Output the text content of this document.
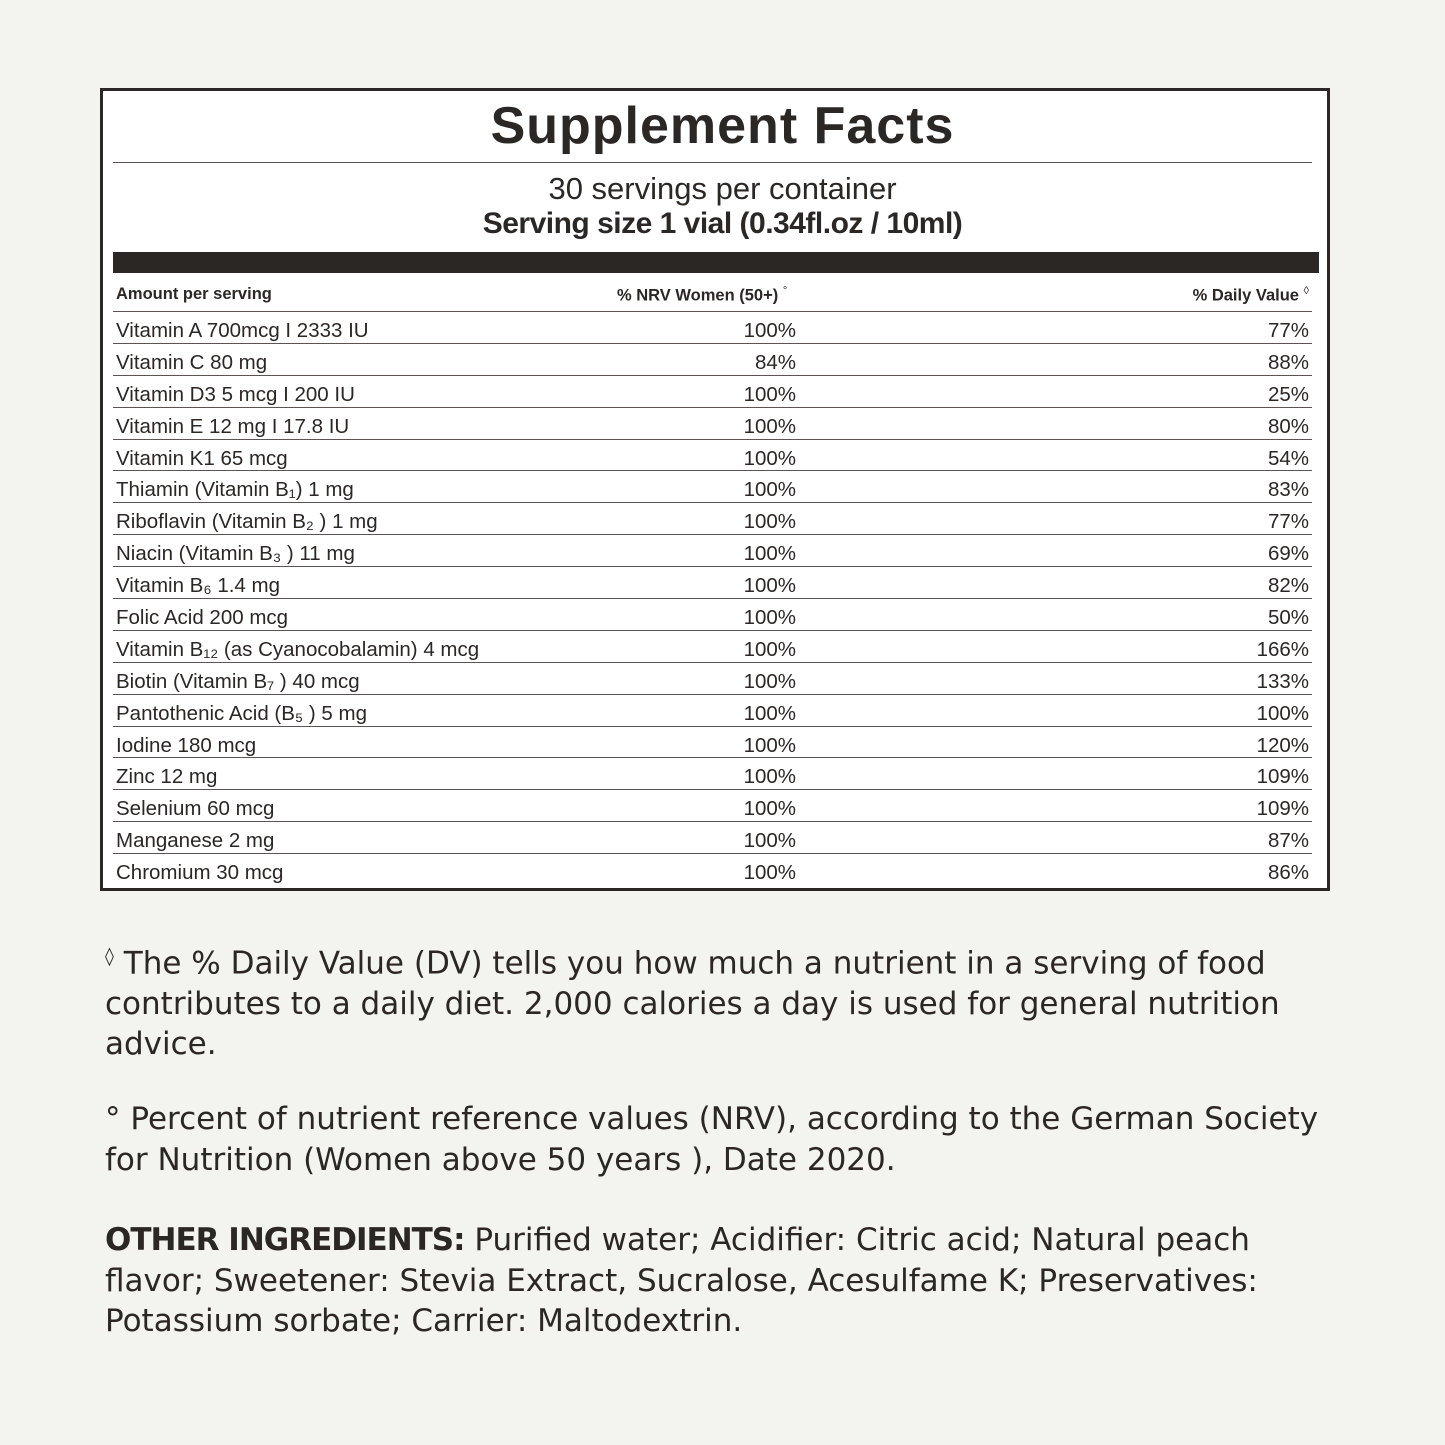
Supplement Facts
30 servings per container
Serving size 1 vial (0.34fl.oz / 10ml)
Amount per serving	% NRV Women (50+) °	% Daily Value ◊
Vitamin A 700mcg I 2333 IU	100%	77%
Vitamin C 80 mg	84%	88%
Vitamin D3 5 mcg I 200 IU	100%	25%
Vitamin E 12 mg I 17.8 IU	100%	80%
Vitamin K1 65 mcg	100%	54%
Thiamin (Vitamin B₁) 1 mg	100%	83%
Riboflavin (Vitamin B₂ ) 1 mg	100%	77%
Niacin (Vitamin B₃ ) 11 mg	100%	69%
Vitamin B₆ 1.4 mg	100%	82%
Folic Acid 200 mcg	100%	50%
Vitamin B₁₂ (as Cyanocobalamin) 4 mcg	100%	166%
Biotin (Vitamin B₇ ) 40 mcg	100%	133%
Pantothenic Acid (B₅ ) 5 mg	100%	100%
Iodine 180 mcg	100%	120%
Zinc 12 mg	100%	109%
Selenium 60 mcg	100%	109%
Manganese 2 mg	100%	87%
Chromium 30 mcg	100%	86%
◊ The % Daily Value (DV) tells you how much a nutrient in a serving of food contributes to a daily diet. 2,000 calories a day is used for general nutrition advice.
° Percent of nutrient reference values (NRV), according to the German Society for Nutrition (Women above 50 years ), Date 2020.
OTHER INGREDIENTS: Purified water; Acidifier: Citric acid; Natural peach flavor; Sweetener: Stevia Extract, Sucralose, Acesulfame K; Preservatives: Potassium sorbate; Carrier: Maltodextrin.
